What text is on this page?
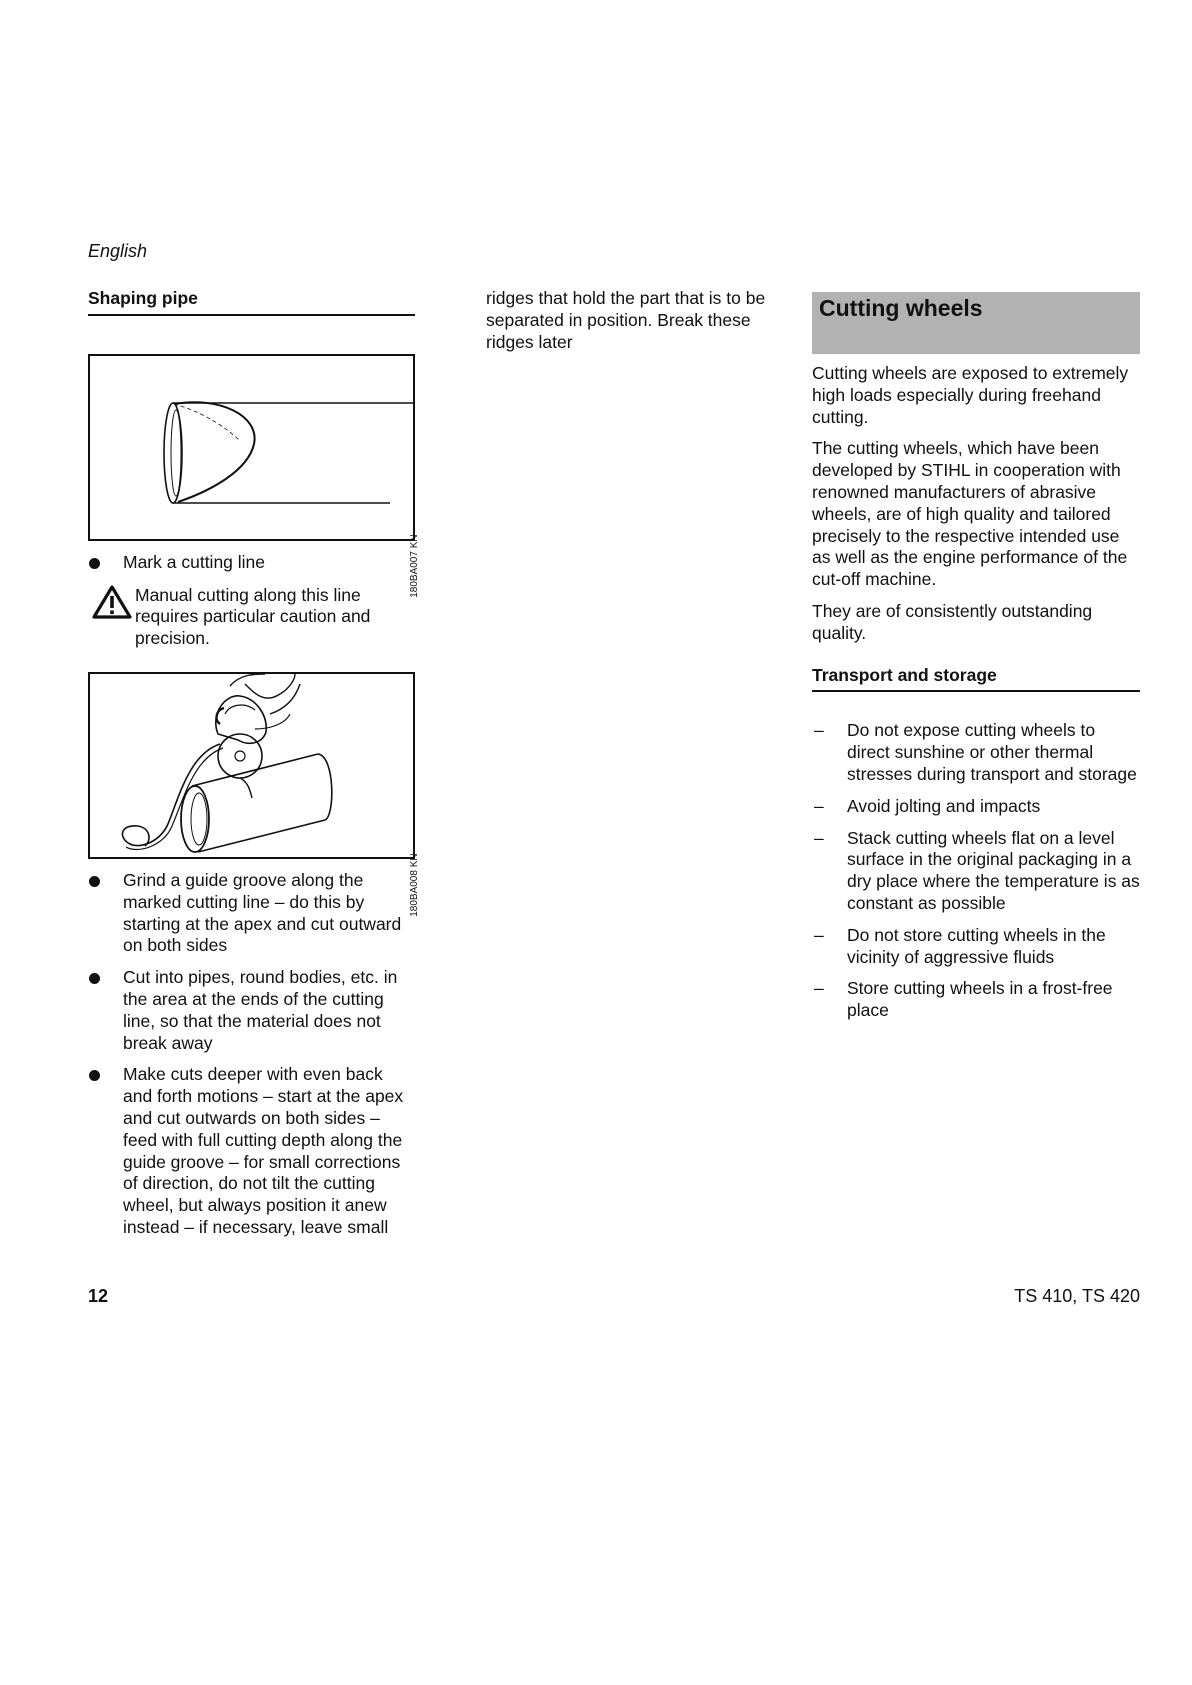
English
Shaping pipe
180BA007 KN
Mark a cutting line
Manual cutting along this line requires particular caution and precision.
180BA008 KN
Grind a guide groove along the marked cutting line – do this by starting at the apex and cut outward on both sides
Cut into pipes, round bodies, etc. in the area at the ends of the cutting line, so that the material does not break away
Make cuts deeper with even back and forth motions – start at the apex and cut outwards on both sides – feed with full cutting depth along the guide groove – for small corrections of direction, do not tilt the cutting wheel, but always position it anew instead – if necessary, leave small

ridges that hold the part that is to be separated in position. Break these ridges later

Cutting wheels

Cutting wheels are exposed to extremely high loads especially during freehand cutting.

The cutting wheels, which have been developed by STIHL in cooperation with renowned manufacturers of abrasive wheels, are of high quality and tailored precisely to the respective intended use as well as the engine performance of the cut-off machine.

They are of consistently outstanding quality.

Transport and storage
– Do not expose cutting wheels to direct sunshine or other thermal stresses during transport and storage
– Avoid jolting and impacts
– Stack cutting wheels flat on a level surface in the original packaging in a dry place where the temperature is as constant as possible
– Do not store cutting wheels in the vicinity of aggressive fluids
– Store cutting wheels in a frost-free place
12	TS 410, TS 420
